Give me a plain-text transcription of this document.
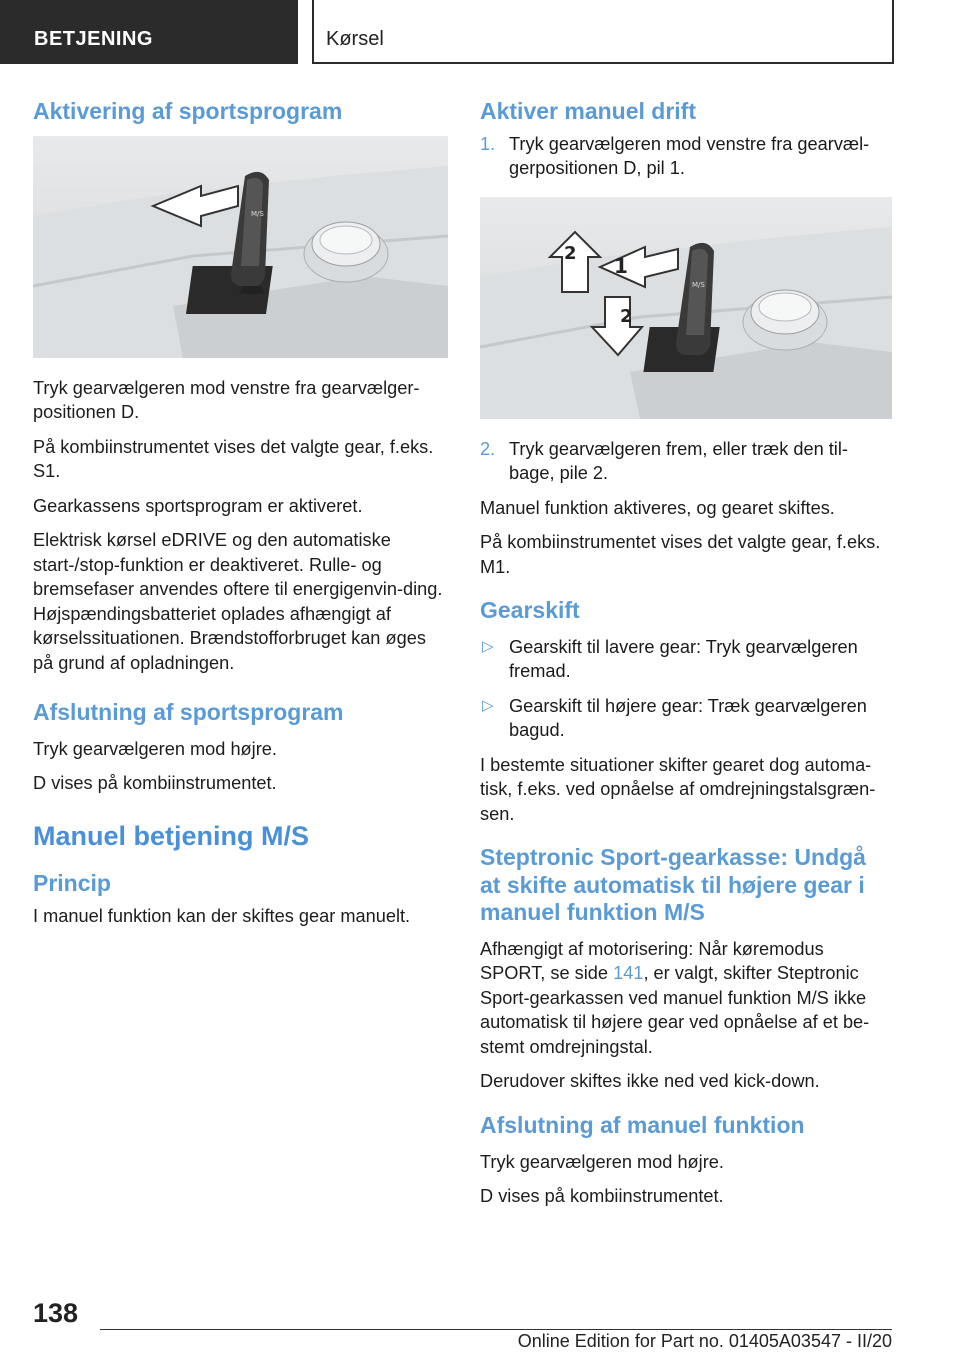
BETJENING	Kørsel
Aktivering af sportsprogram
M/S

Tryk gearvælgeren mod venstre fra gearvælger-positionen D.

På kombiinstrumentet vises det valgte gear, f.eks. S1.

Gearkassens sportsprogram er aktiveret.

Elektrisk kørsel eDRIVE og den automatiske start-/stop-funktion er deaktiveret. Rulle- og bremsefaser anvendes oftere til energigenvin-ding. Højspændingsbatteriet oplades afhængigt af kørselssituationen. Brændstofforbruget kan øges på grund af opladningen.

Afslutning af sportsprogram

Tryk gearvælgeren mod højre.

D vises på kombiinstrumentet.

Manuel betjening M/S
Princip

I manuel funktion kan der skiftes gear manuelt.

Aktiver manuel drift
1. Tryk gearvælgeren mod venstre fra gearvæl-gerpositionen D, pil 1.
1
2
2
M/S
2. Tryk gearvælgeren frem, eller træk den til-bage, pile 2.

Manuel funktion aktiveres, og gearet skiftes.

På kombiinstrumentet vises det valgte gear, f.eks. M1.

Gearskift
▷ Gearskift til lavere gear: Tryk gearvælgeren fremad.
▷ Gearskift til højere gear: Træk gearvælgeren bagud.

I bestemte situationer skifter gearet dog automa-tisk, f.eks. ved opnåelse af omdrejningstalsgræn-sen.

Steptronic Sport-gearkasse: Undgå at skifte automatisk til højere gear i manuel funktion M/S

Afhængigt af motorisering: Når køremodus SPORT, se side 141, er valgt, skifter Steptronic Sport-gearkassen ved manuel funktion M/S ikke automatisk til højere gear ved opnåelse af et be-stemt omdrejningstal.

Derudover skiftes ikke ned ved kick-down.

Afslutning af manuel funktion

Tryk gearvælgeren mod højre.

D vises på kombiinstrumentet.

138
Online Edition for Part no. 01405A03547 - II/20
